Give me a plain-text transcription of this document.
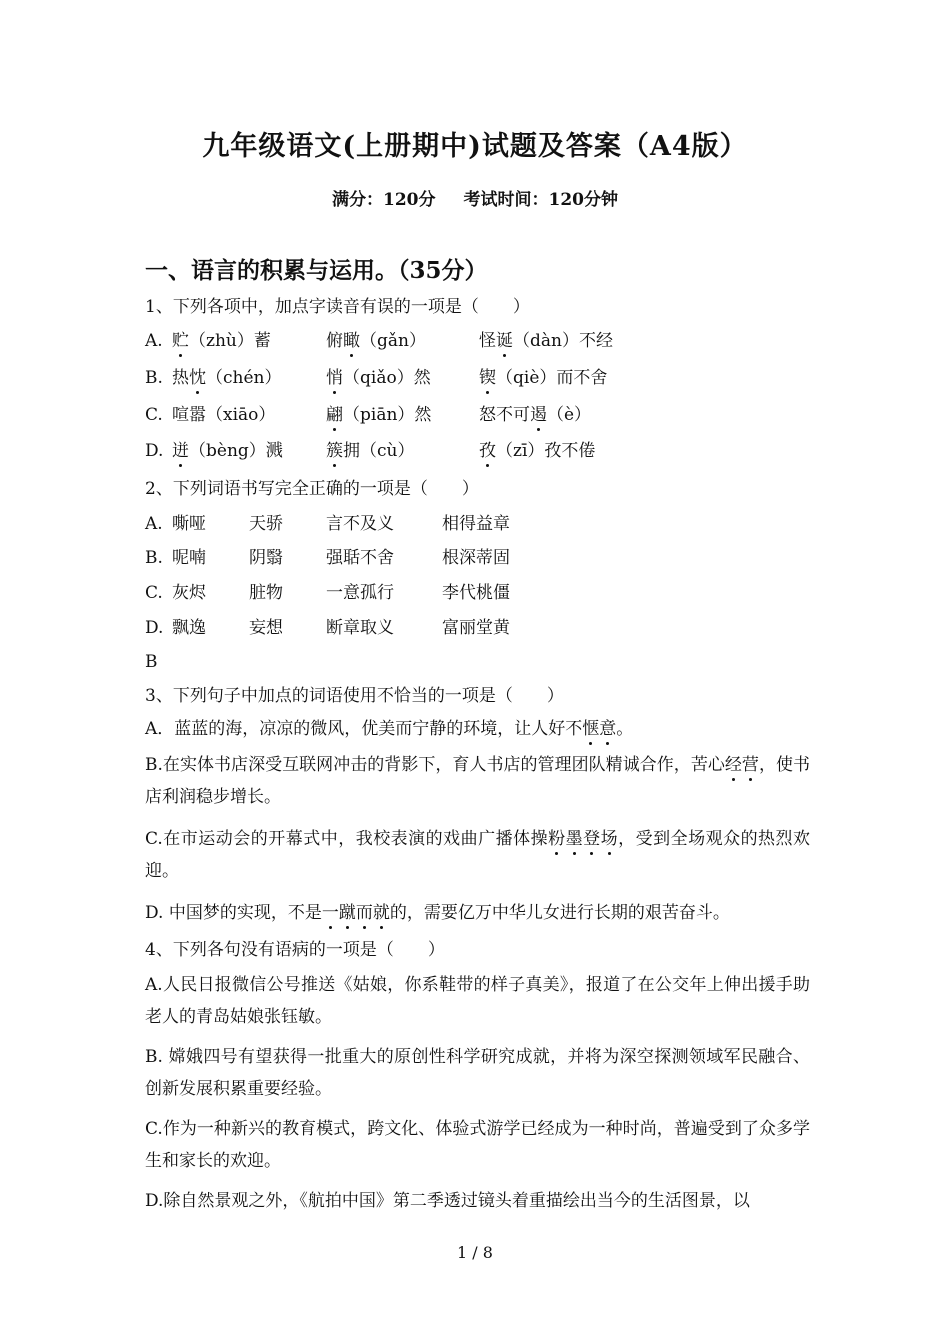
九年级语文(上册期中)试题及答案（A4版）
满分：120分 考试时间：120分钟
一、语言的积累与运用。（35分）
1、下列各项中，加点字读音有误的一项是（　　）
A. 贮（zhù）蓄	俯瞰（gǎn）	怪诞（dàn）不经
B. 热忱（chén）	悄（qiǎo）然	锲（qiè）而不舍
C. 喧嚣（xiāo）	翩（piān）然	怒不可遏（è）
D. 迸（bèng）溅	簇拥（cù）	孜（zī）孜不倦
2、下列词语书写完全正确的一项是（　　）
A. 嘶哑	天骄	言不及义	相得益章
B. 呢喃	阴翳	强聒不舍	根深蒂固
C. 灰烬	脏物	一意孤行	李代桃僵
D. 飘逸	妄想	断章取义	富丽堂黄
B
3、下列句子中加点的词语使用不恰当的一项是（　　）
A．蓝蓝的海，凉凉的微风，优美而宁静的环境，让人好不惬意。
B.在实体书店深受互联网冲击的背影下，育人书店的管理团队精诚合作，苦心经营，使书店利润稳步增长。
C.在市运动会的开幕式中，我校表演的戏曲广播体操粉墨登场，受到全场观众的热烈欢迎。
D. 中国梦的实现，不是一蹴而就的，需要亿万中华儿女进行长期的艰苦奋斗。
4、下列各句没有语病的一项是（　　）
A.人民日报微信公号推送《姑娘，你系鞋带的样子真美》，报道了在公交年上伸出援手助老人的青岛姑娘张钰敏。
B. 嫦娥四号有望获得一批重大的原创性科学研究成就，并将为深空探测领域军民融合、创新发展积累重要经验。
C.作为一种新兴的教育模式，跨文化、体验式游学已经成为一种时尚，普遍受到了众多学生和家长的欢迎。
D.除自然景观之外，《航拍中国》第二季透过镜头着重描绘出当今的生活图景，以
1 / 8
